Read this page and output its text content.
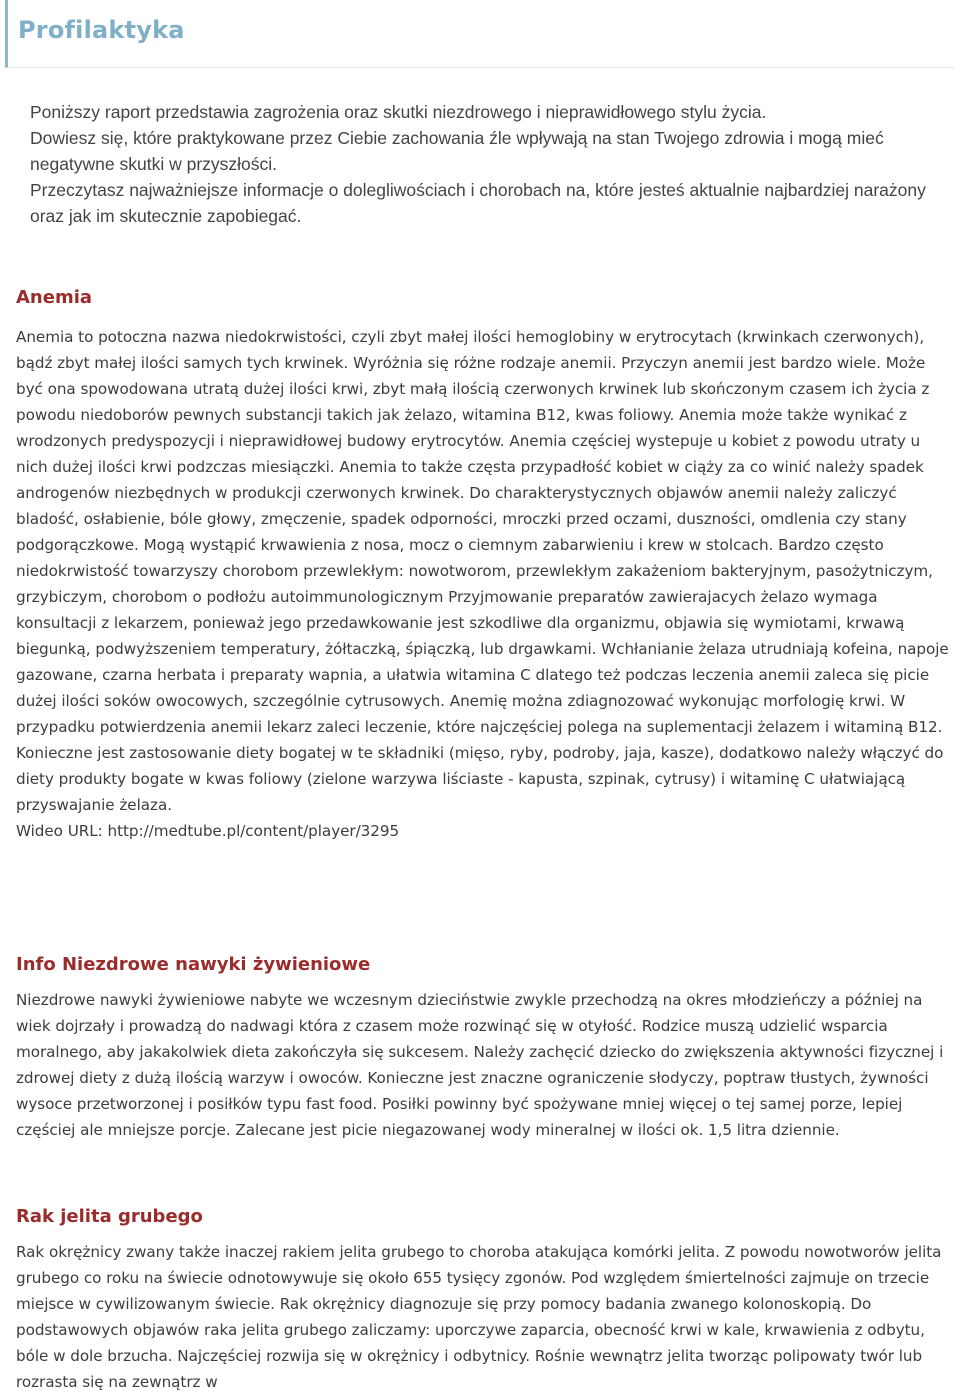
Profilaktyka

Poniższy raport przedstawia zagrożenia oraz skutki niezdrowego i nieprawidłowego stylu życia.

Dowiesz się, które praktykowane przez Ciebie zachowania źle wpływają na stan Twojego zdrowia i mogą mieć negatywne skutki w przyszłości.

Przeczytasz najważniejsze informacje o dolegliwościach i chorobach na, które jesteś aktualnie najbardziej narażony oraz jak im skutecznie zapobiegać.

Anemia

Anemia to potoczna nazwa niedokrwistości, czyli zbyt małej ilości hemoglobiny w erytrocytach (krwinkach czerwonych), bądź zbyt małej ilości samych tych krwinek. Wyróżnia się różne rodzaje anemii. Przyczyn anemii jest bardzo wiele. Może być ona spowodowana utratą dużej ilości krwi, zbyt małą ilością czerwonych krwinek lub skończonym czasem ich życia z powodu niedoborów pewnych substancji takich jak żelazo, witamina B12, kwas foliowy. Anemia może także wynikać z wrodzonych predyspozycji i nieprawidłowej budowy erytrocytów. Anemia częściej wystepuje u kobiet z powodu utraty u nich dużej ilości krwi podzczas miesiączki. Anemia to także częsta przypadłość kobiet w ciąży za co winić należy spadek androgenów niezbędnych w produkcji czerwonych krwinek. Do charakterystycznych objawów anemii należy zaliczyć bladość, osłabienie, bóle głowy, zmęczenie, spadek odporności, mroczki przed oczami, duszności, omdlenia czy stany podgorączkowe. Mogą wystąpić krwawienia z nosa, mocz o ciemnym zabarwieniu i krew w stolcach. Bardzo często niedokrwistość towarzyszy chorobom przewlekłym: nowotworom, przewlekłym zakażeniom bakteryjnym, pasożytniczym, grzybiczym, chorobom o podłożu autoimmunologicznym Przyjmowanie preparatów zawierajacych żelazo wymaga konsultacji z lekarzem, ponieważ jego przedawkowanie jest szkodliwe dla organizmu, objawia się wymiotami, krwawą biegunką, podwyższeniem temperatury, żółtaczką, śpiączką, lub drgawkami. Wchłanianie żelaza utrudniają kofeina, napoje gazowane, czarna herbata i preparaty wapnia, a ułatwia witamina C dlatego też podczas leczenia anemii zaleca się picie dużej ilości soków owocowych, szczególnie cytrusowych. Anemię można zdiagnozować wykonując morfologię krwi. W przypadku potwierdzenia anemii lekarz zaleci leczenie, które najczęściej polega na suplementacji żelazem i witaminą B12. Konieczne jest zastosowanie diety bogatej w te składniki (mięso, ryby, podroby, jaja, kasze), dodatkowo należy włączyć do diety produkty bogate w kwas foliowy (zielone warzywa liściaste - kapusta, szpinak, cytrusy) i witaminę C ułatwiającą przyswajanie żelaza.

Wideo URL: http://medtube.pl/content/player/3295

Info Niezdrowe nawyki żywieniowe

Niezdrowe nawyki żywieniowe nabyte we wczesnym dzieciństwie zwykle przechodzą na okres młodzieńczy a później na wiek dojrzały i prowadzą do nadwagi która z czasem może rozwinąć się w otyłość. Rodzice muszą udzielić wsparcia moralnego, aby jakakolwiek dieta zakończyła się sukcesem. Należy zachęcić dziecko do zwiększenia aktywności fizycznej i zdrowej diety z dużą ilością warzyw i owoców. Konieczne jest znaczne ograniczenie słodyczy, poptraw tłustych, żywności wysoce przetworzonej i posiłków typu fast food. Posiłki powinny być spożywane mniej więcej o tej samej porze, lepiej częściej ale mniejsze porcje. Zalecane jest picie niegazowanej wody mineralnej w ilości ok. 1,5 litra dziennie.

Rak jelita grubego

Rak okrężnicy zwany także inaczej rakiem jelita grubego to choroba atakująca komórki jelita. Z powodu nowotworów jelita grubego co roku na świecie odnotowywuje się około 655 tysięcy zgonów. Pod względem śmiertelności zajmuje on trzecie miejsce w cywilizowanym świecie. Rak okrężnicy diagnozuje się przy pomocy badania zwanego kolonoskopią. Do podstawowych objawów raka jelita grubego zaliczamy: uporczywe zaparcia, obecność krwi w kale, krwawienia z odbytu, bóle w dole brzucha. Najczęściej rozwija się w okrężnicy i odbytnicy. Rośnie wewnątrz jelita tworząc polipowaty twór lub rozrasta się na zewnątrz w
